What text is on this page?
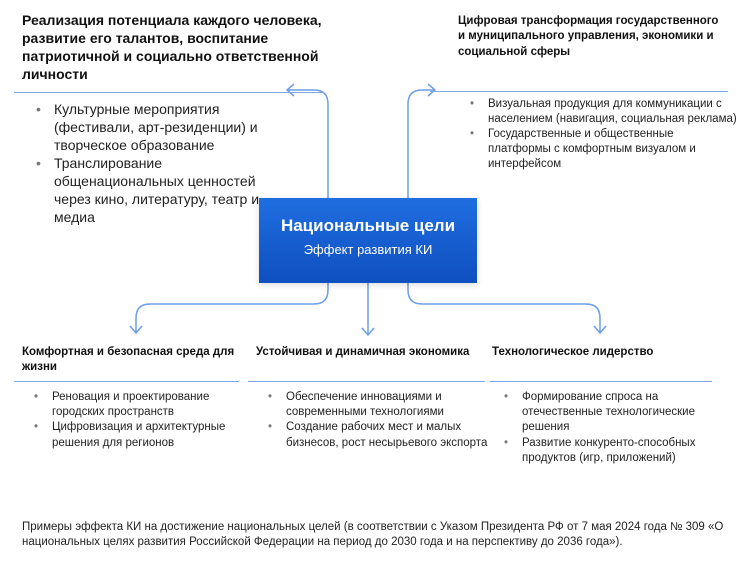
Национальные цели
Эффект развития КИ
Реализация потенциала каждого человека, развитие его талантов, воспитание патриотичной и социально ответственной личности
• Культурные мероприятия (фестивали, арт-резиденции) и творческое образование
• Транслирование общенациональных ценностей через кино, литературу, театр и медиа
Цифровая трансформация государственного и муниципального управления, экономики и социальной сферы
• Визуальная продукция для коммуникации с населением (навигация, социальная реклама)
• Государственные и общественные платформы с комфортным визуалом и интерфейсом
Комфортная и безопасная среда для жизни
• Реновация и проектирование городских пространств
• Цифровизация и архитектурные решения для регионов
Устойчивая и динамичная экономика
• Обеспечение инновациями и современными технологиями
• Создание рабочих мест и малых бизнесов, рост несырьевого экспорта
Технологическое лидерство
• Формирование спроса на отечественные технологические решения
• Развитие конкуренто-способных продуктов (игр, приложений)
Примеры эффекта КИ на достижение национальных целей (в соответствии с Указом Президента РФ от 7 мая 2024 года № 309 «О национальных целях развития Российской Федерации на период до 2030 года и на перспективу до 2036 года»).
